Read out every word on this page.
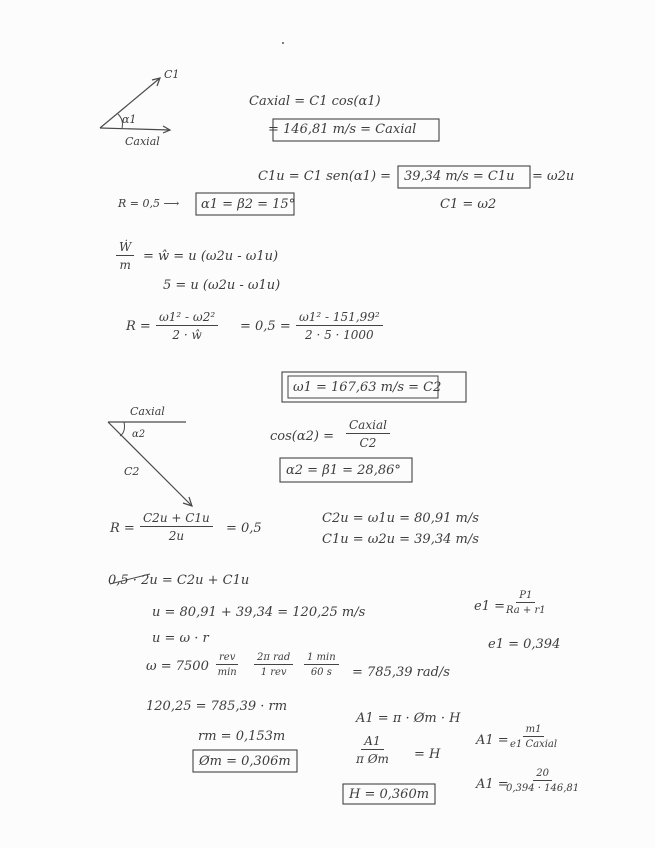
C1
α1
Caxial
Caxial = C1 cos(α1)
= 146,81 m/s = Caxial
C1u = C1 sen(α1) = 39,34 m/s = C1u = ω2u
C1 = ω2
R = 0,5 ⟶ α1 = β2 = 15°
$\frac{\text{Ẇ}}{m}$ = ŵ = u (ω2u - ω1u)
5 = u (ω2u - ω1u)
$R = \frac{\text{ω1² - ω2²}}{2 \cdot ŵ} = 0,5 = \frac{\text{ω1² - 151,99²}}{2 \cdot 5 \cdot 1000}$
ω1 = 167,63 m/s = C2
Caxial
α2
C2
cos(α2) =
Caxial
C2
α2 = β1 = 28,86°
$R = \frac{C2u + C1u}{2u} = 0,5$
C2u = ω1u = 80,91 m/s
C1u = ω2u = 39,34 m/s
0,5 · 2u = C2u + C1u
u = 80,91 + 39,34 = 120,25 m/s
u = ω · r
ω = 7500
rev
min
2π rad
1 rev
1 min
60 s = 785,39 rad/s
$e1 = \frac{P1}{Ra + r1}$
e1 = 0,394
120,25 = 785,39 · rm
rm = 0,153m
Øm = 0,306m
A1 = π · Øm · H
$\frac{A1}{\text{π Øm}} = H$
H = 0,360m
A1 =
m1
e1 Caxial
A1 =
$\frac{20}{0,394 \cdot 146,81}$
